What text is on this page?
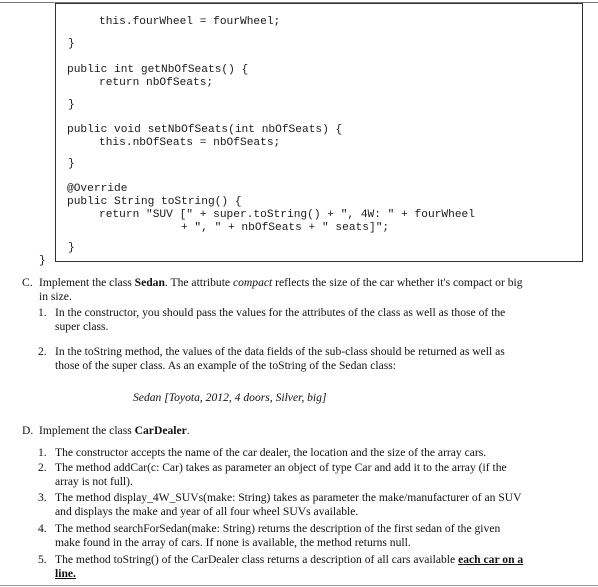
this.fourWheel = fourWheel;
}
public int getNbOfSeats() {
return nbOfSeats;
}
public void setNbOfSeats(int nbOfSeats) {
this.nbOfSeats = nbOfSeats;
}
@Override
public String toString() {
return "SUV [" + super.toString() + ", 4W: " + fourWheel
+ ", " + nbOfSeats + " seats]";
}
}
C. Implement the class Sedan. The attribute compact reflects the size of the car whether it's compact or big
in size.
1. In the constructor, you should pass the values for the attributes of the class as well as those of the
super class.
2. In the toString method, the values of the data fields of the sub-class should be returned as well as
those of the super class. As an example of the toString of the Sedan class:
Sedan [Toyota, 2012, 4 doors, Silver, big]
D. Implement the class CarDealer.
1. The constructor accepts the name of the car dealer, the location and the size of the array cars.
2. The method addCar(c: Car) takes as parameter an object of type Car and add it to the array (if the
array is not full).
3. The method display_4W_SUVs(make: String) takes as parameter the make/manufacturer of an SUV
and displays the make and year of all four wheel SUVs available.
4. The method searchForSedan(make: String) returns the description of the first sedan of the given
make found in the array of cars. If none is available, the method returns null.
5. The method toString() of the CarDealer class returns a description of all cars available each car on a
line.
